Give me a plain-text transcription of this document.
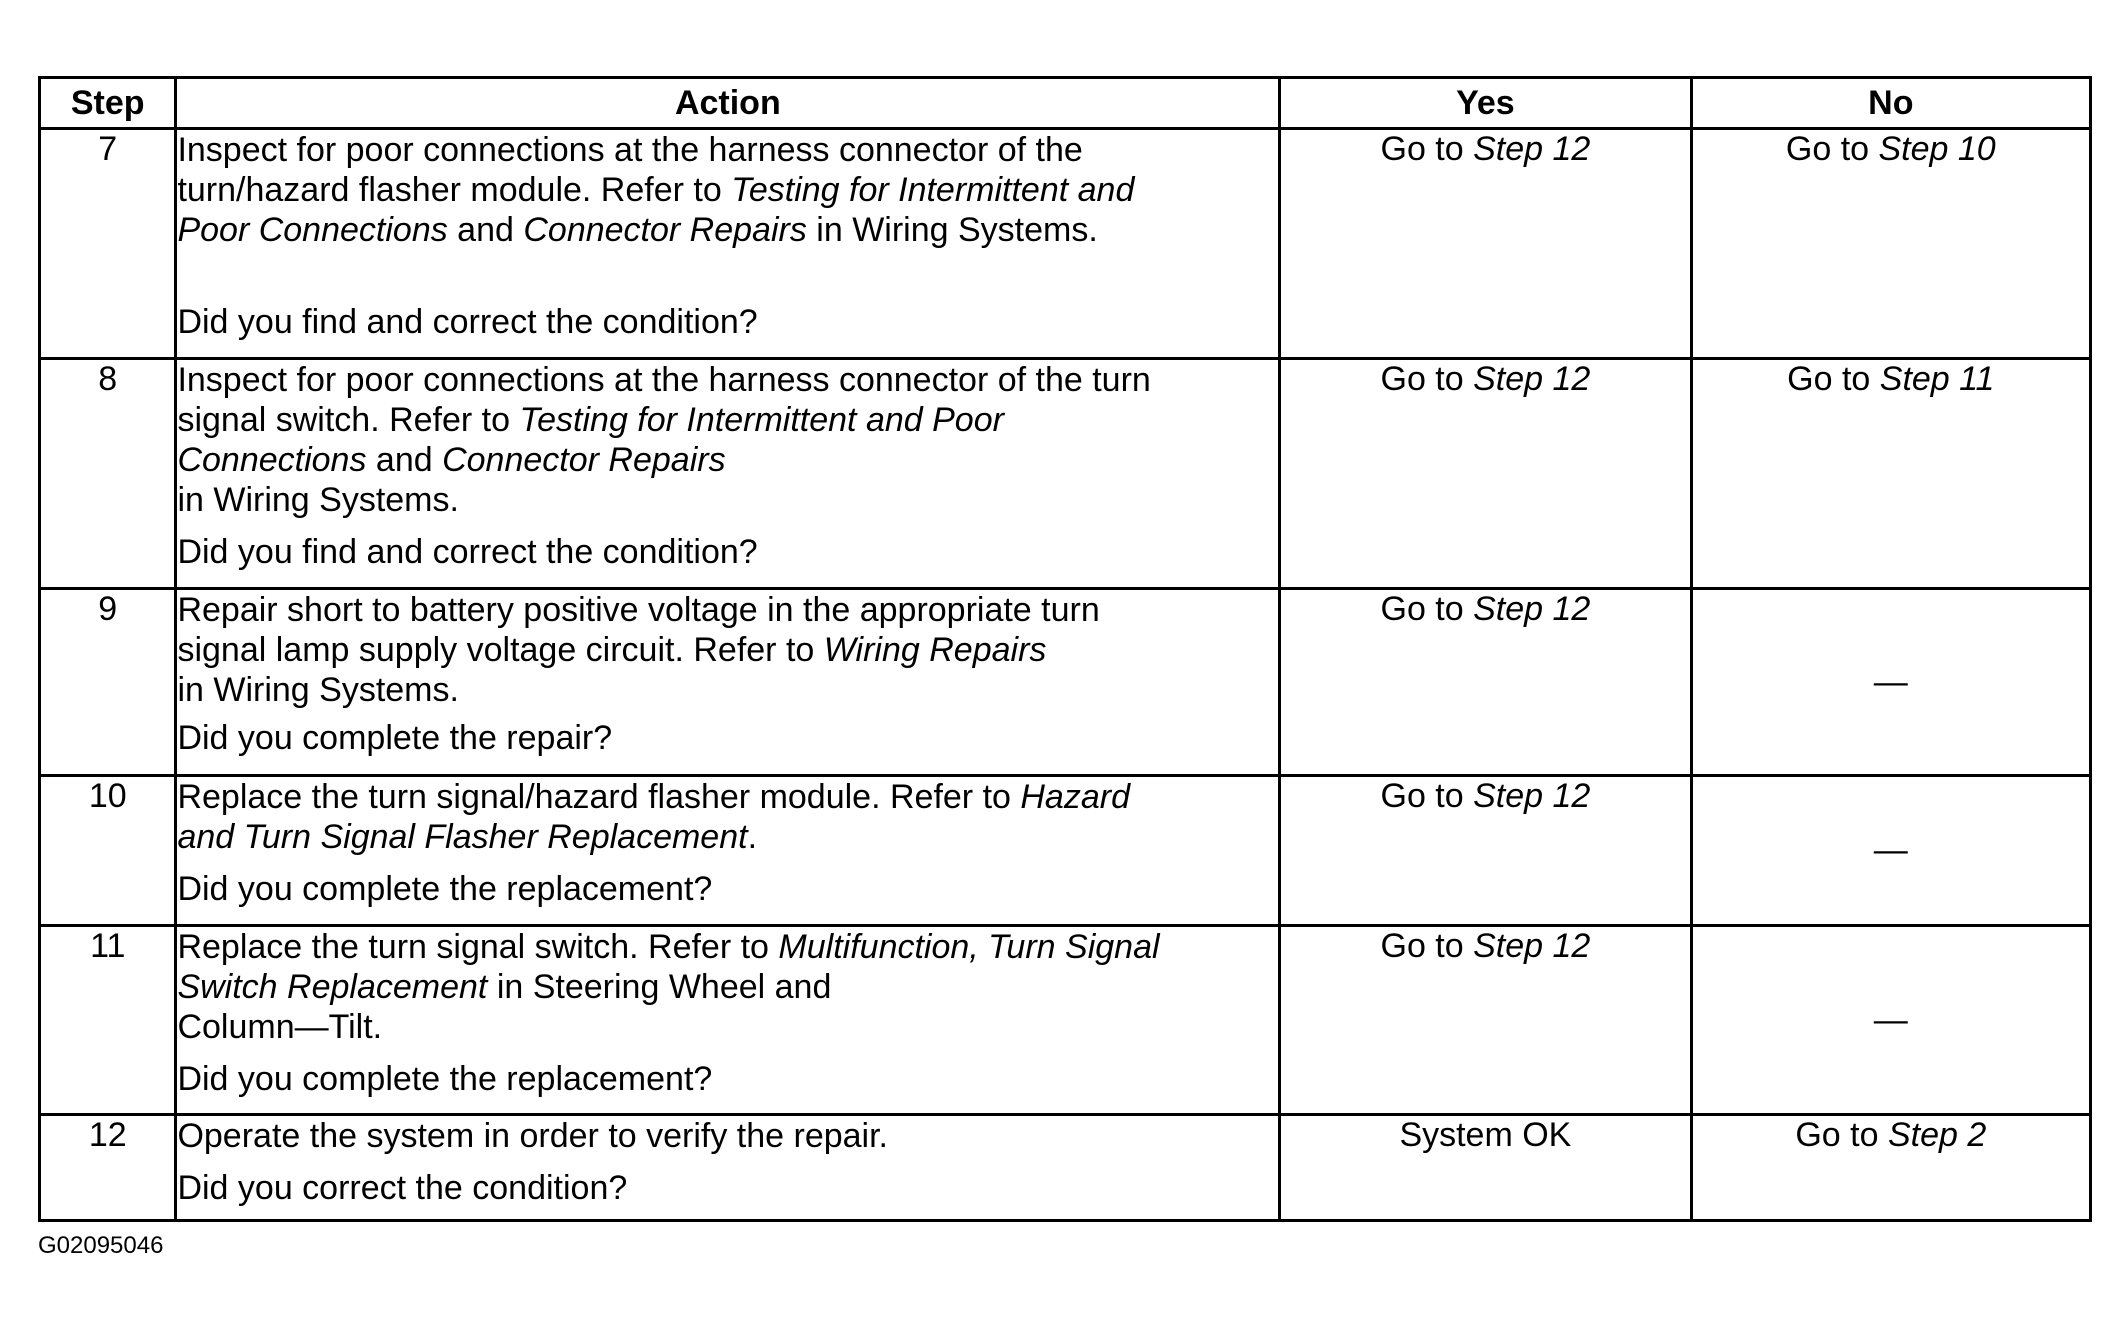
Step	Action	Yes	No
7	Inspect for poor connections at the harness connector of the
turn/hazard flasher module. Refer to Testing for Intermittent and
Poor Connections and Connector Repairs in Wiring Systems.
Did you find and correct the condition?	Go to Step 12	Go to Step 10
8	Inspect for poor connections at the harness connector of the turn
signal switch. Refer to Testing for Intermittent and Poor
Connections and Connector Repairs
in Wiring Systems.
Did you find and correct the condition?	Go to Step 12	Go to Step 11
9	Repair short to battery positive voltage in the appropriate turn
signal lamp supply voltage circuit. Refer to Wiring Repairs
in Wiring Systems.
Did you complete the repair?	Go to Step 12	—
10	Replace the turn signal/hazard flasher module. Refer to Hazard
and Turn Signal Flasher Replacement.
Did you complete the replacement?	Go to Step 12	—
11	Replace the turn signal switch. Refer to Multifunction, Turn Signal
Switch Replacement in Steering Wheel and
Column—Tilt.
Did you complete the replacement?	Go to Step 12	—
12	Operate the system in order to verify the repair.
Did you correct the condition?	System OK	Go to Step 2
G02095046
